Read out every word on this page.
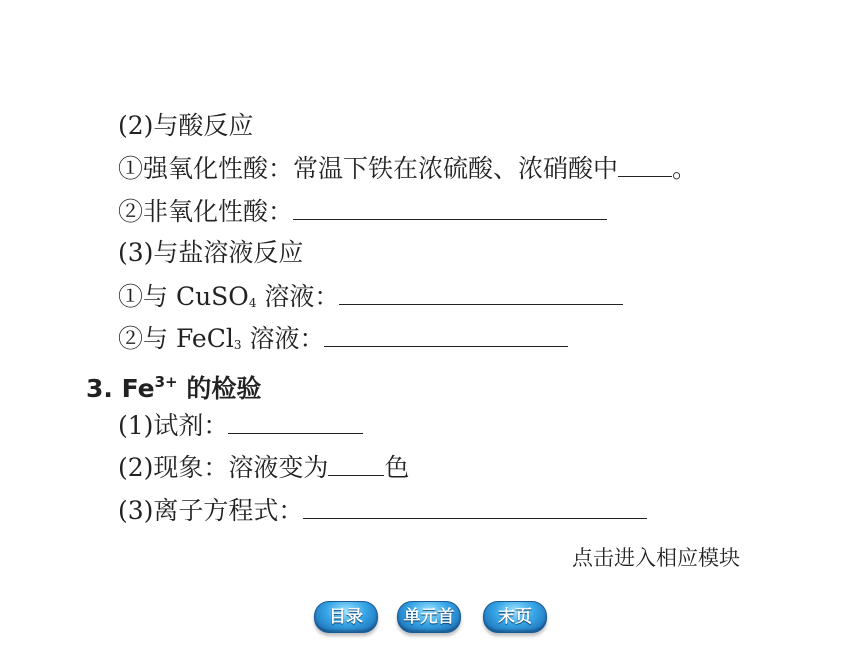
(2)与酸反应
①强氧化性酸：常温下铁在浓硫酸、浓硝酸中 。
②非氧化性酸：
(3)与盐溶液反应
①与 CuSO$_4$ 溶液：
②与 FeCl$_3$ 溶液：
3. $Fe^{3+}$ 的检验
(1)试剂：
(2)现象：溶液变为 色
(3)离子方程式：
点击进入相应模块
目录	单元首	末页
